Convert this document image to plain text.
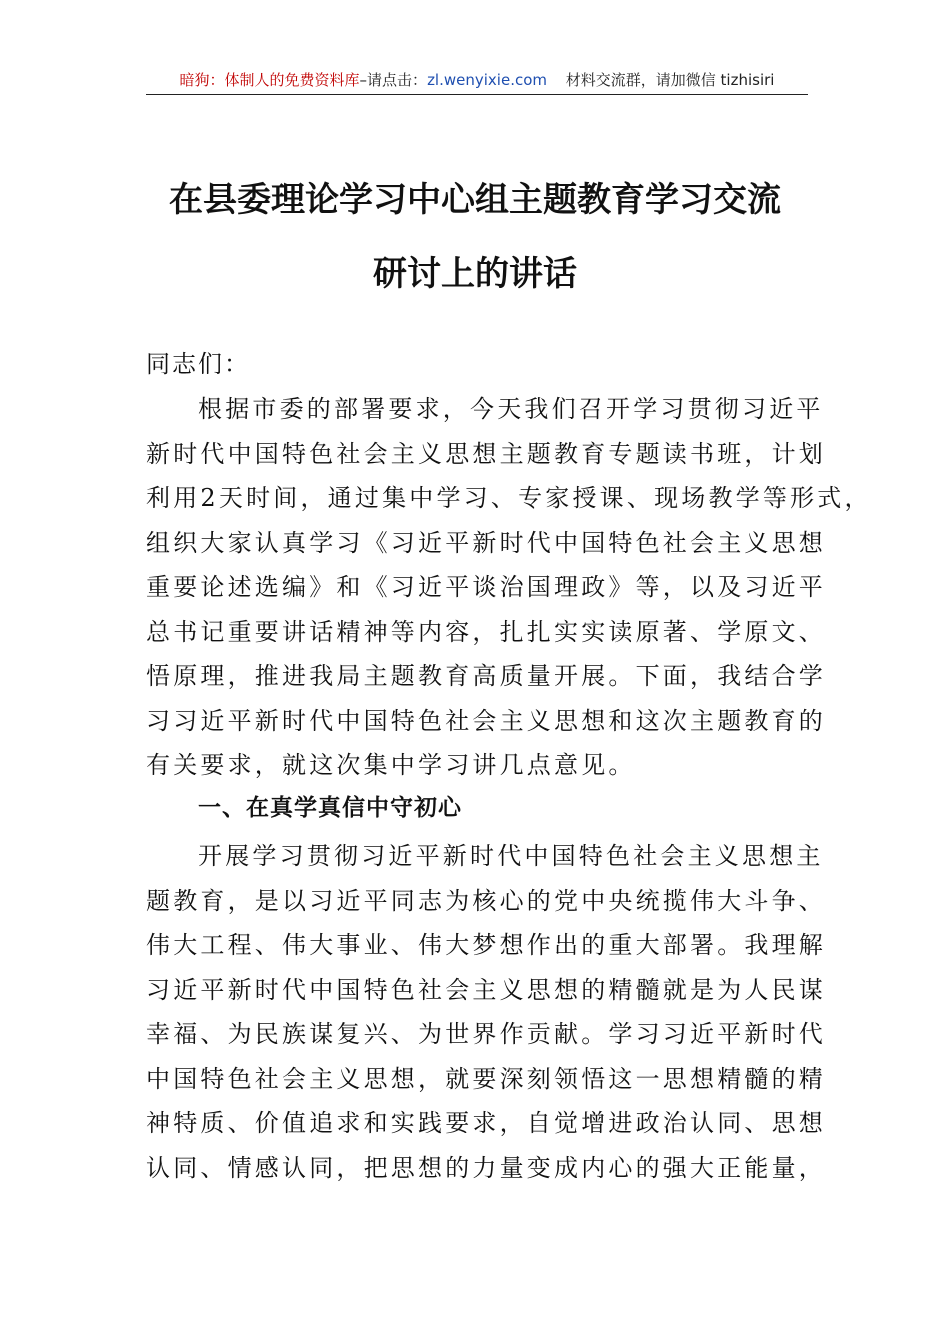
暗狗：体制人的免费资料库–请点击：zl.wenyixie.com 材料交流群，请加微信 tizhisiri
在县委理论学习中心组主题教育学习交流
研讨上的讲话
同志们：
根据市委的部署要求，今天我们召开学习贯彻习近平
新时代中国特色社会主义思想主题教育专题读书班，计划
利用2天时间，通过集中学习、专家授课、现场教学等形式，
组织大家认真学习《习近平新时代中国特色社会主义思想
重要论述选编》和《习近平谈治国理政》等，以及习近平
总书记重要讲话精神等内容，扎扎实实读原著、学原文、
悟原理，推进我局主题教育高质量开展。下面，我结合学
习习近平新时代中国特色社会主义思想和这次主题教育的
有关要求，就这次集中学习讲几点意见。
一、在真学真信中守初心
开展学习贯彻习近平新时代中国特色社会主义思想主
题教育，是以习近平同志为核心的党中央统揽伟大斗争、
伟大工程、伟大事业、伟大梦想作出的重大部署。我理解
习近平新时代中国特色社会主义思想的精髓就是为人民谋
幸福、为民族谋复兴、为世界作贡献。学习习近平新时代
中国特色社会主义思想，就要深刻领悟这一思想精髓的精
神特质、价值追求和实践要求，自觉增进政治认同、思想
认同、情感认同，把思想的力量变成内心的强大正能量，
